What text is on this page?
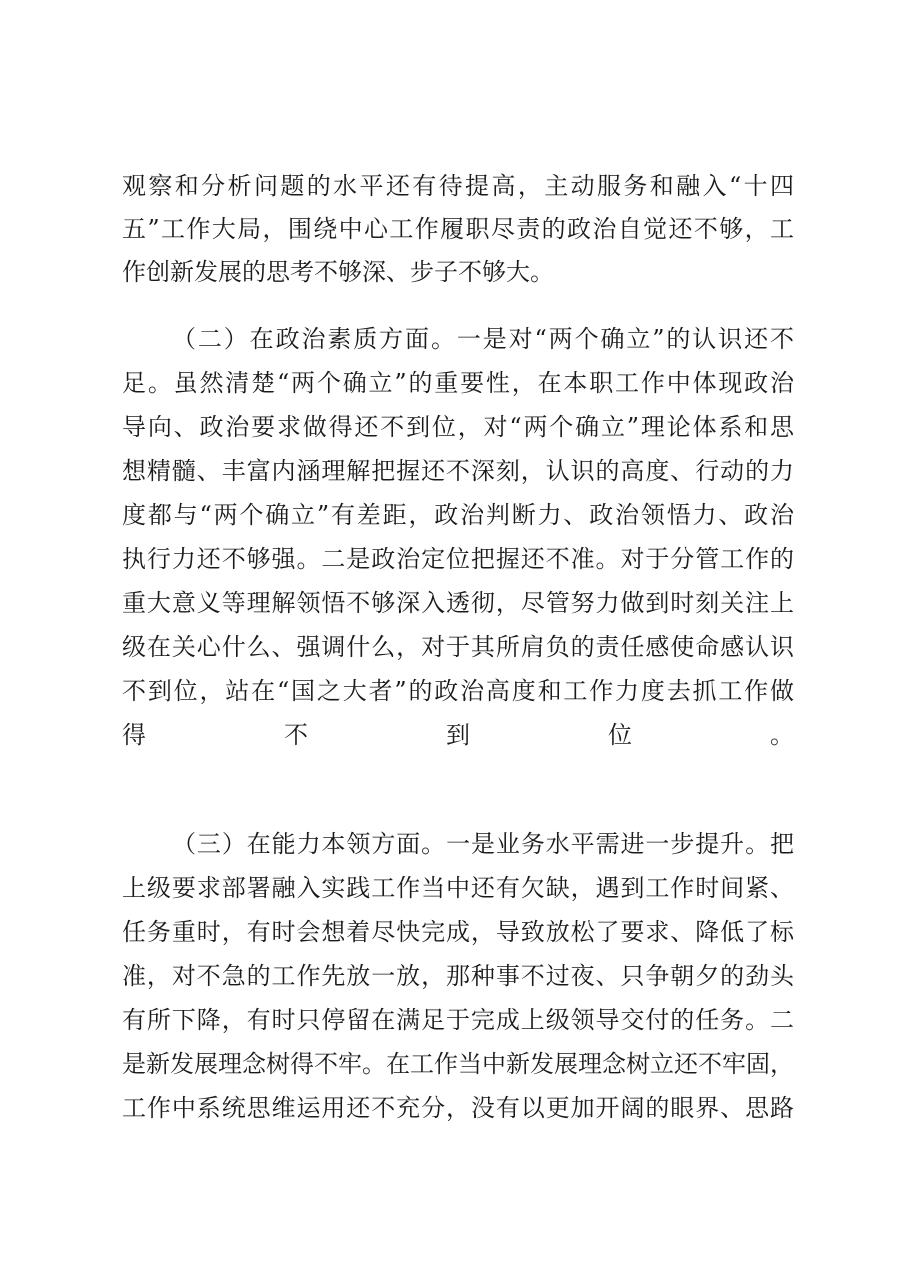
观察和分析问题的水平还有待提高，主动服务和融入“十四
五”工作大局，围绕中心工作履职尽责的政治自觉还不够，工
作创新发展的思考不够深、步子不够大。
（二）在政治素质方面。一是对“两个确立”的认识还不
足。虽然清楚“两个确立”的重要性，在本职工作中体现政治
导向、政治要求做得还不到位，对“两个确立”理论体系和思
想精髓、丰富内涵理解把握还不深刻，认识的高度、行动的力
度都与“两个确立”有差距，政治判断力、政治领悟力、政治
执行力还不够强。二是政治定位把握还不准。对于分管工作的
重大意义等理解领悟不够深入透彻，尽管努力做到时刻关注上
级在关心什么、强调什么，对于其所肩负的责任感使命感认识
不到位，站在“国之大者”的政治高度和工作力度去抓工作做
得不到位。
（三）在能力本领方面。一是业务水平需进一步提升。把
上级要求部署融入实践工作当中还有欠缺，遇到工作时间紧、
任务重时，有时会想着尽快完成，导致放松了要求、降低了标
准，对不急的工作先放一放，那种事不过夜、只争朝夕的劲头
有所下降，有时只停留在满足于完成上级领导交付的任务。二
是新发展理念树得不牢。在工作当中新发展理念树立还不牢固，
工作中系统思维运用还不充分，没有以更加开阔的眼界、思路
